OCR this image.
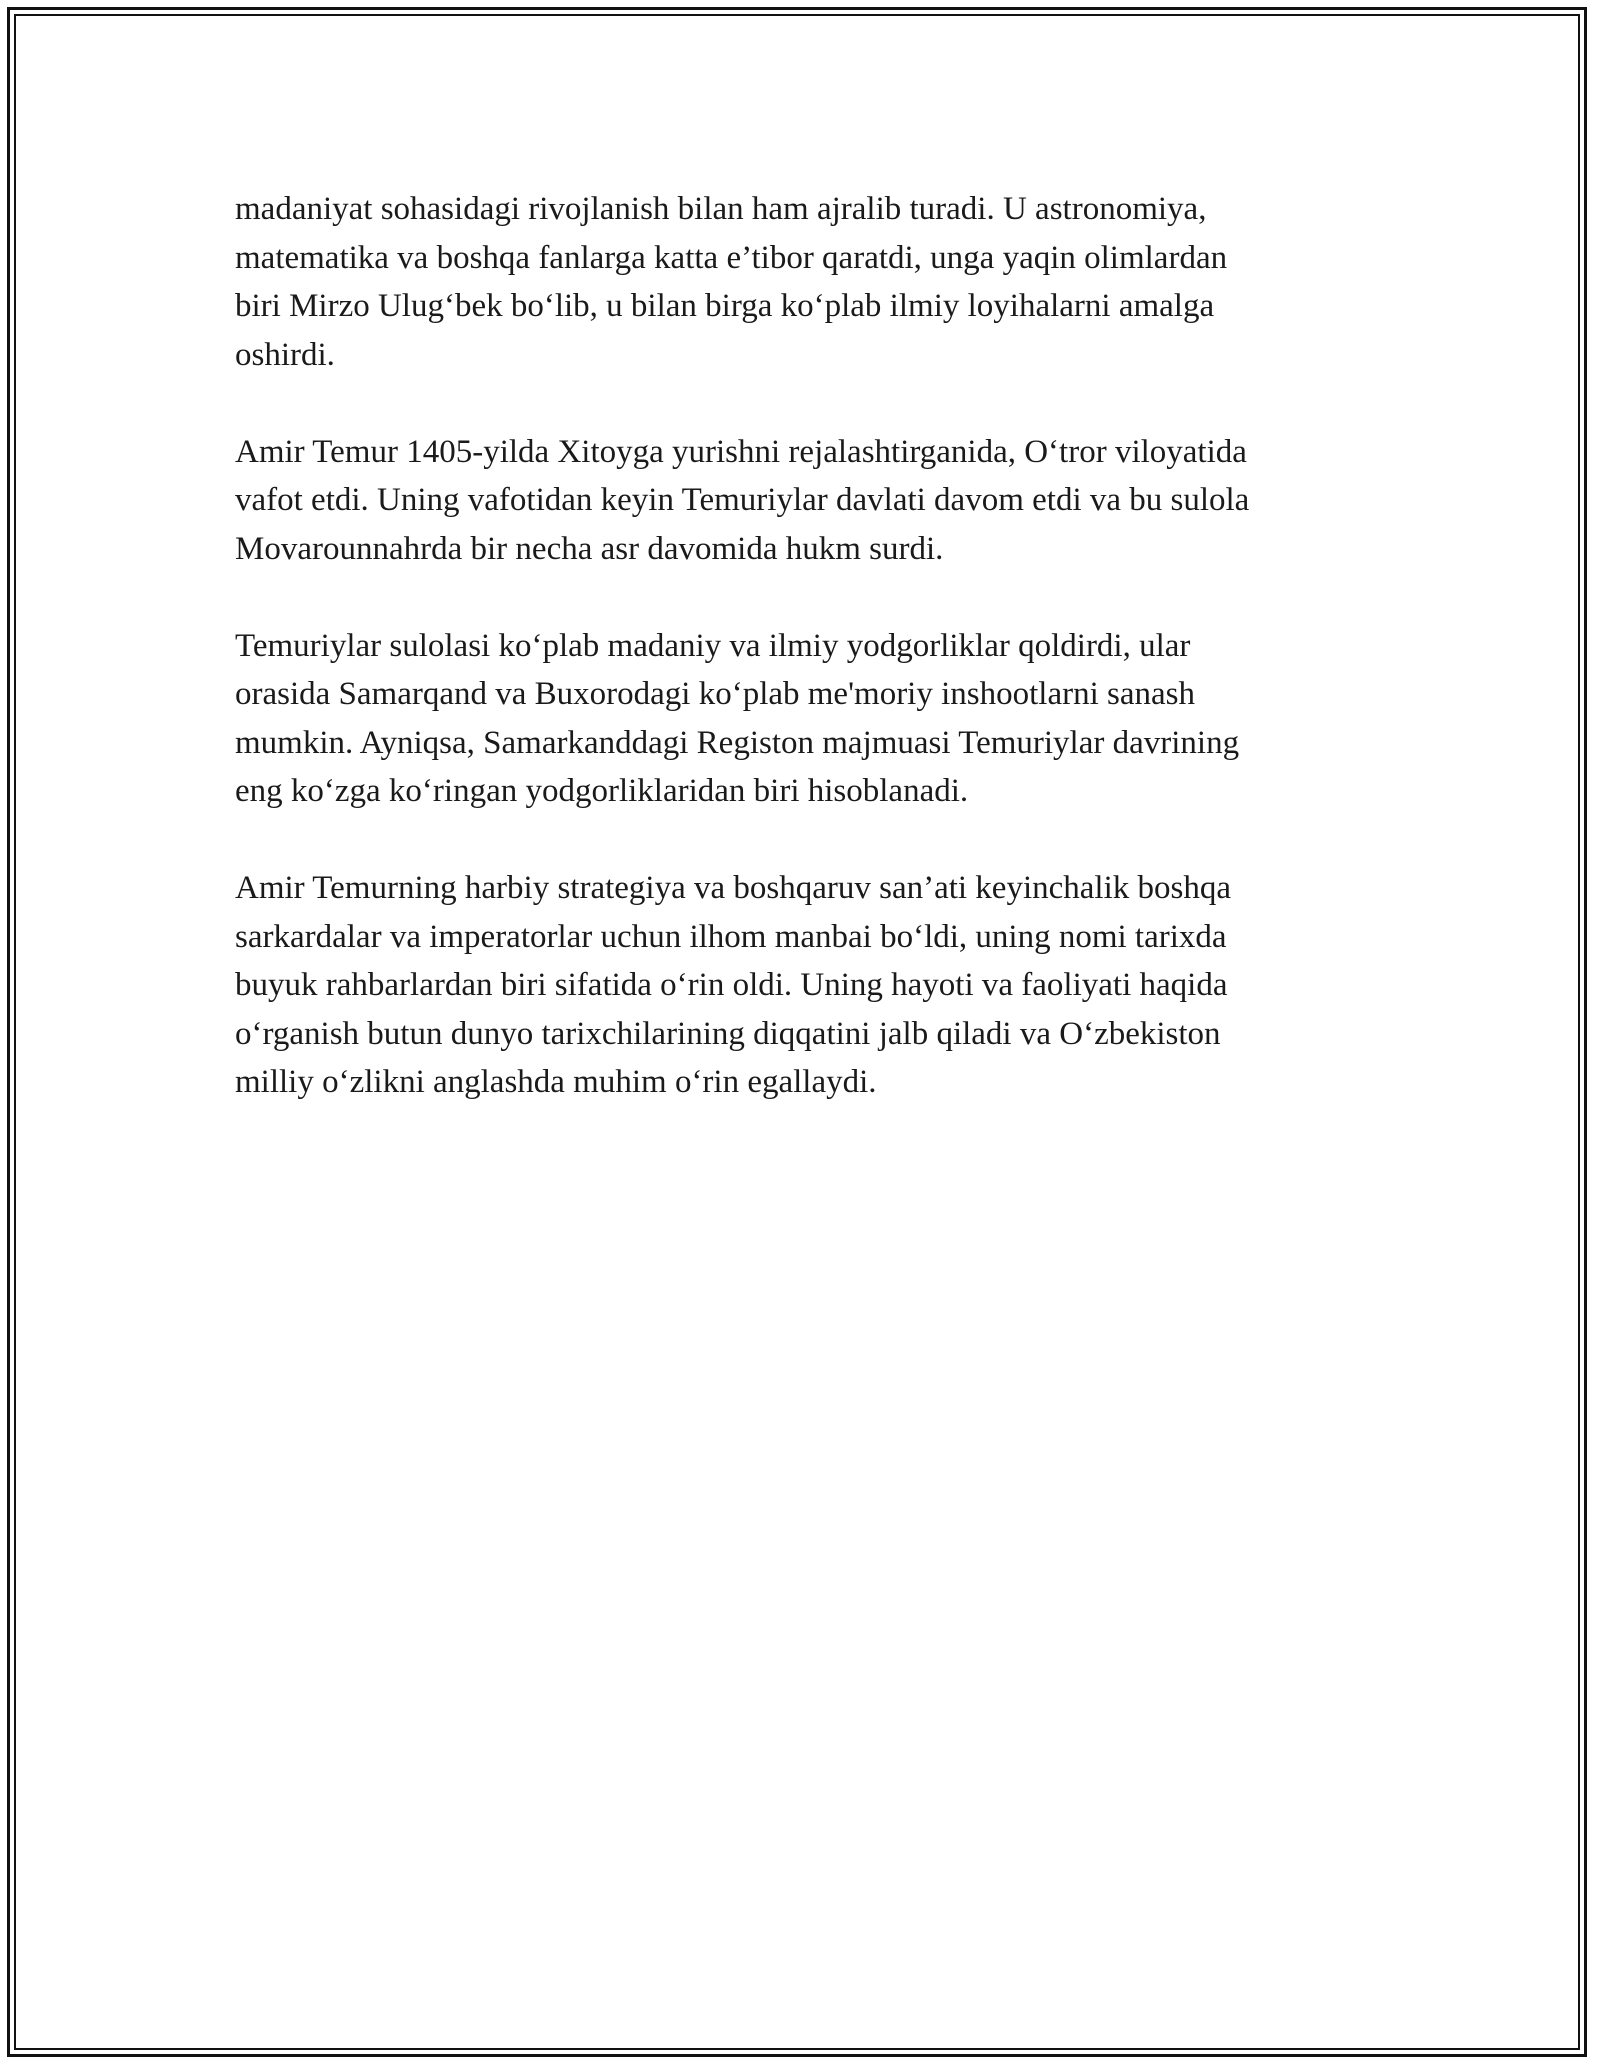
madaniyat sohasidagi rivojlanish bilan ham ajralib turadi. U astronomiya,
matematika va boshqa fanlarga katta e’tibor qaratdi, unga yaqin olimlardan
biri Mirzo Ulug‘bek bo‘lib, u bilan birga ko‘plab ilmiy loyihalarni amalga
oshirdi.

Amir Temur 1405-yilda Xitoyga yurishni rejalashtirganida, O‘tror viloyatida
vafot etdi. Uning vafotidan keyin Temuriylar davlati davom etdi va bu sulola
Movarounnahrda bir necha asr davomida hukm surdi.

Temuriylar sulolasi ko‘plab madaniy va ilmiy yodgorliklar qoldirdi, ular
orasida Samarqand va Buxorodagi ko‘plab me'moriy inshootlarni sanash
mumkin. Ayniqsa, Samarkanddagi Registon majmuasi Temuriylar davrining
eng ko‘zga ko‘ringan yodgorliklaridan biri hisoblanadi.

Amir Temurning harbiy strategiya va boshqaruv san’ati keyinchalik boshqa
sarkardalar va imperatorlar uchun ilhom manbai bo‘ldi, uning nomi tarixda
buyuk rahbarlardan biri sifatida o‘rin oldi. Uning hayoti va faoliyati haqida
o‘rganish butun dunyo tarixchilarining diqqatini jalb qiladi va O‘zbekiston
milliy o‘zlikni anglashda muhim o‘rin egallaydi.
